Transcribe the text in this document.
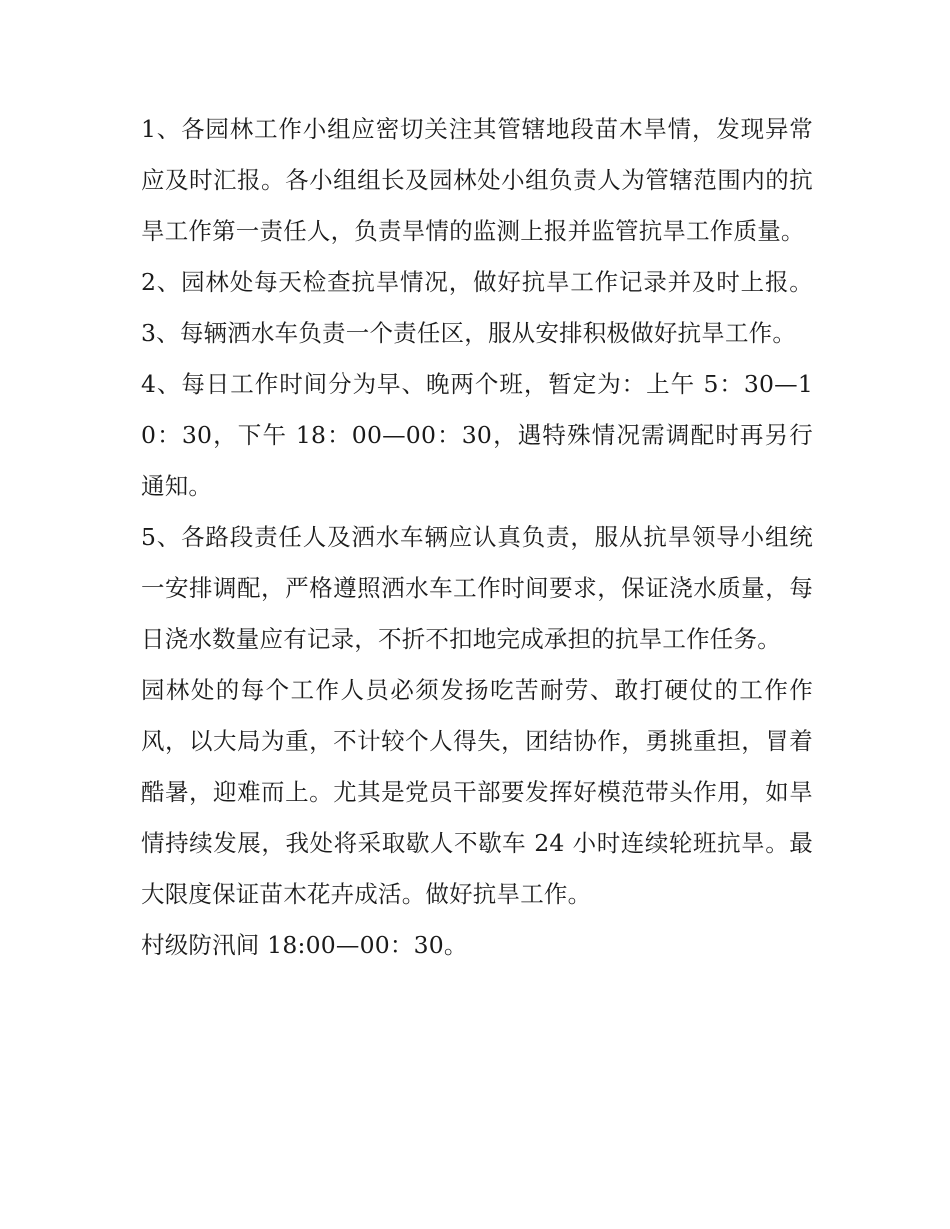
1、各园林工作小组应密切关注其管辖地段苗木旱情，发现异常应及时汇报。各小组组长及园林处小组负责人为管辖范围内的抗旱工作第一责任人，负责旱情的监测上报并监管抗旱工作质量。

2、园林处每天检查抗旱情况，做好抗旱工作记录并及时上报。 3、每辆洒水车负责一个责任区，服从安排积极做好抗旱工作。

4、每日工作时间分为早、晚两个班，暂定为：上午 5：30—10：30，下午 18：00—00：30，遇特殊情况需调配时再另行通知。

5、各路段责任人及洒水车辆应认真负责，服从抗旱领导小组统一安排调配，严格遵照洒水车工作时间要求，保证浇水质量，每日浇水数量应有记录，不折不扣地完成承担的抗旱工作任务。

园林处的每个工作人员必须发扬吃苦耐劳、敢打硬仗的工作作风，以大局为重，不计较个人得失，团结协作，勇挑重担，冒着酷暑，迎难而上。尤其是党员干部要发挥好模范带头作用，如旱情持续发展，我处将采取歇人不歇车 24 小时连续轮班抗旱。最大限度保证苗木花卉成活。做好抗旱工作。

村级防汛间 18:00—00：30。
